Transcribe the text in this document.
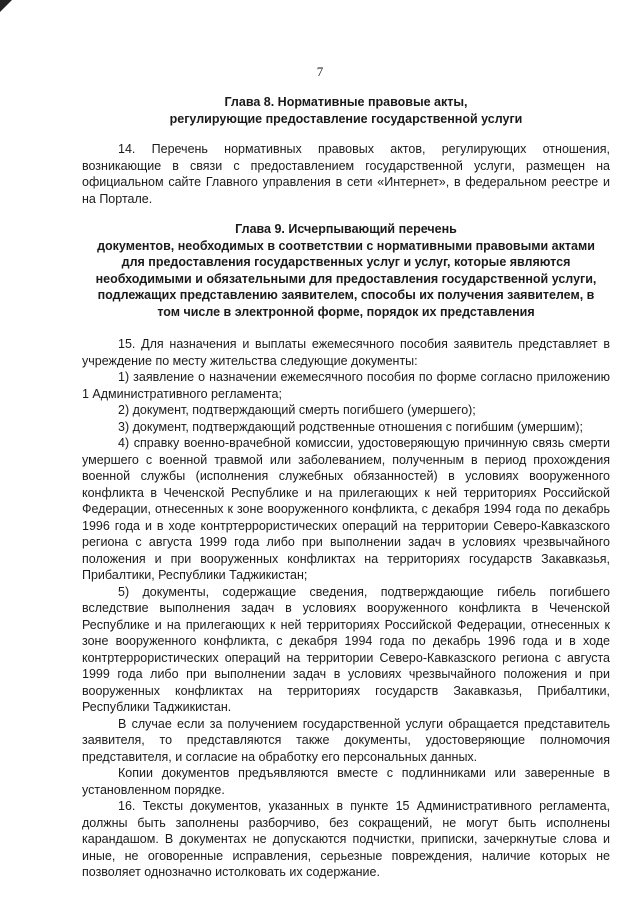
7
Глава 8. Нормативные правовые акты,
регулирующие предоставление государственной услуги

14. Перечень нормативных правовых актов, регулирующих отношения, возникающие в связи с предоставлением государственной услуги, размещен на официальном сайте Главного управления в сети «Интернет», в федеральном реестре и на Портале.

Глава 9. Исчерпывающий перечень
документов, необходимых в соответствии с нормативными правовыми актами
для предоставления государственных услуг и услуг, которые являются
необходимыми и обязательными для предоставления государственной услуги,
подлежащих представлению заявителем, способы их получения заявителем, в
том числе в электронной форме, порядок их представления

15. Для назначения и выплаты ежемесячного пособия заявитель представляет в учреждение по месту жительства следующие документы:

1) заявление о назначении ежемесячного пособия по форме согласно приложению 1 Административного регламента;

2) документ, подтверждающий смерть погибшего (умершего);

3) документ, подтверждающий родственные отношения с погибшим (умершим);

4) справку военно-врачебной комиссии, удостоверяющую причинную связь смерти умершего с военной травмой или заболеванием, полученным в период прохождения военной службы (исполнения служебных обязанностей) в условиях вооруженного конфликта в Чеченской Республике и на прилегающих к ней территориях Российской Федерации, отнесенных к зоне вооруженного конфликта, с декабря 1994 года по декабрь 1996 года и в ходе контртеррористических операций на территории Северо-Кавказского региона с августа 1999 года либо при выполнении задач в условиях чрезвычайного положения и при вооруженных конфликтах на территориях государств Закавказья, Прибалтики, Республики Таджикистан;

5) документы, содержащие сведения, подтверждающие гибель погибшего вследствие выполнения задач в условиях вооруженного конфликта в Чеченской Республике и на прилегающих к ней территориях Российской Федерации, отнесенных к зоне вооруженного конфликта, с декабря 1994 года по декабрь 1996 года и в ходе контртеррористических операций на территории Северо-Кавказского региона с августа 1999 года либо при выполнении задач в условиях чрезвычайного положения и при вооруженных конфликтах на территориях государств Закавказья, Прибалтики, Республики Таджикистан.

В случае если за получением государственной услуги обращается представитель заявителя, то представляются также документы, удостоверяющие полномочия представителя, и согласие на обработку его персональных данных.

Копии документов предъявляются вместе с подлинниками или заверенные в установленном порядке.

16. Тексты документов, указанных в пункте 15 Административного регламента, должны быть заполнены разборчиво, без сокращений, не могут быть исполнены карандашом. В документах не допускаются подчистки, приписки, зачеркнутые слова и иные, не оговоренные исправления, серьезные повреждения, наличие которых не позволяет однозначно истолковать их содержание.
